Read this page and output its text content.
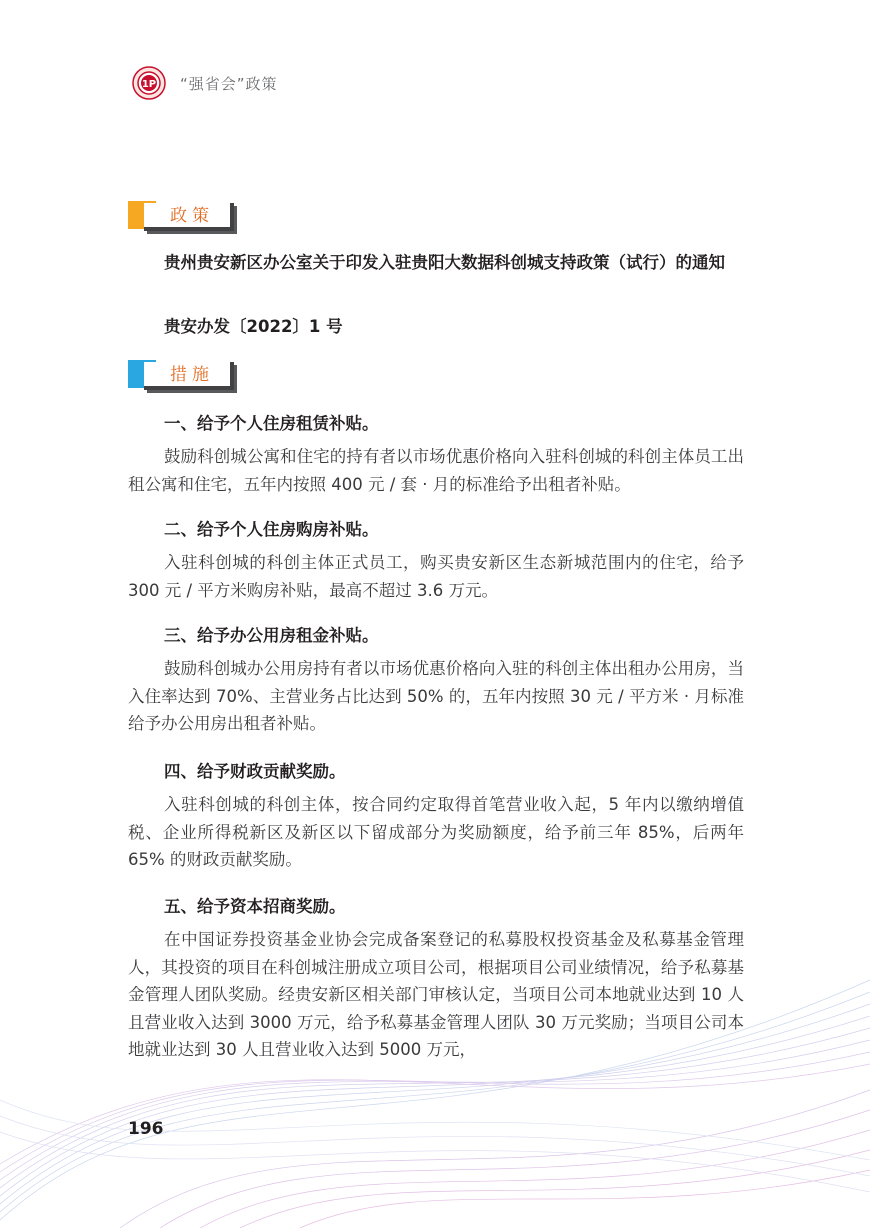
1P “强省会”政策
政策
贵州贵安新区办公室关于印发入驻贵阳大数据科创城支持政策（试行）的通知
贵安办发〔2022〕1 号
措施

一、给予个人住房租赁补贴。

鼓励科创城公寓和住宅的持有者以市场优惠价格向入驻科创城的科创主体员工出租公寓和住宅，五年内按照 400 元 / 套 · 月的标准给予出租者补贴。

二、给予个人住房购房补贴。

入驻科创城的科创主体正式员工，购买贵安新区生态新城范围内的住宅，给予 300 元 / 平方米购房补贴，最高不超过 3.6 万元。

三、给予办公用房租金补贴。

鼓励科创城办公用房持有者以市场优惠价格向入驻的科创主体出租办公用房，当入住率达到 70%、主营业务占比达到 50% 的，五年内按照 30 元 / 平方米 · 月标准给予办公用房出租者补贴。

四、给予财政贡献奖励。

入驻科创城的科创主体，按合同约定取得首笔营业收入起，5 年内以缴纳增值税、企业所得税新区及新区以下留成部分为奖励额度，给予前三年 85%，后两年 65% 的财政贡献奖励。

五、给予资本招商奖励。

在中国证券投资基金业协会完成备案登记的私募股权投资基金及私募基金管理人，其投资的项目在科创城注册成立项目公司，根据项目公司业绩情况，给予私募基金管理人团队奖励。经贵安新区相关部门审核认定，当项目公司本地就业达到 10 人且营业收入达到 3000 万元，给予私募基金管理人团队 30 万元奖励；当项目公司本地就业达到 30 人且营业收入达到 5000 万元，

196
